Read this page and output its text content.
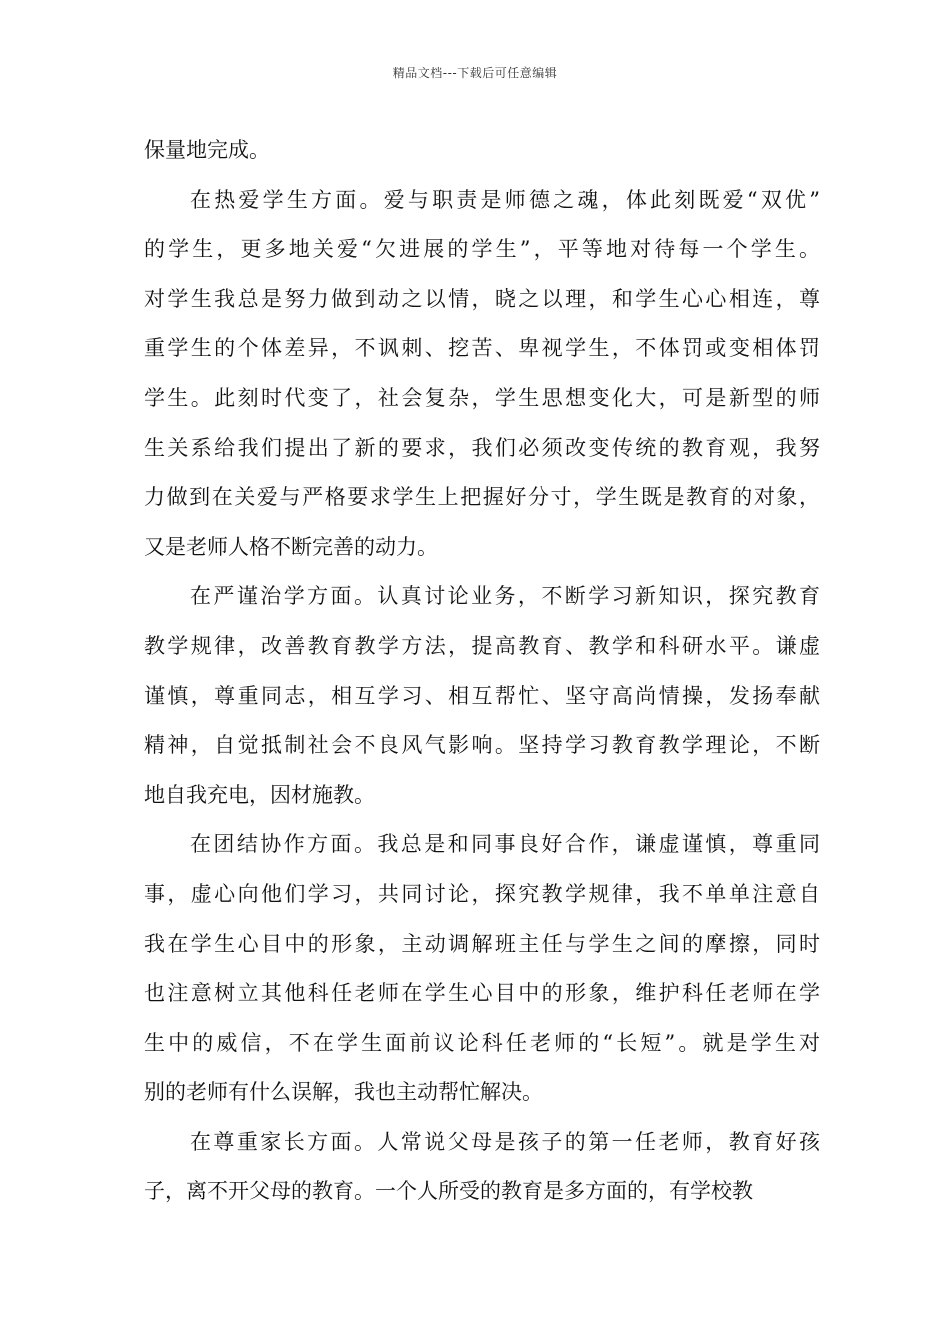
精品文档---下载后可任意编辑
保量地完成。
在热爱学生方面。爱与职责是师德之魂，体此刻既爱“双优”
的学生，更多地关爱“欠进展的学生”，平等地对待每一个学生。
对学生我总是努力做到动之以情，晓之以理，和学生心心相连，尊
重学生的个体差异，不讽刺、挖苦、卑视学生，不体罚或变相体罚
学生。此刻时代变了，社会复杂，学生思想变化大，可是新型的师
生关系给我们提出了新的要求，我们必须改变传统的教育观，我努
力做到在关爱与严格要求学生上把握好分寸，学生既是教育的对象，
又是老师人格不断完善的动力。
在严谨治学方面。认真讨论业务，不断学习新知识，探究教育
教学规律，改善教育教学方法，提高教育、教学和科研水平。谦虚
谨慎，尊重同志，相互学习、相互帮忙、坚守高尚情操，发扬奉献
精神，自觉抵制社会不良风气影响。坚持学习教育教学理论，不断
地自我充电，因材施教。
在团结协作方面。我总是和同事良好合作，谦虚谨慎，尊重同
事，虚心向他们学习，共同讨论，探究教学规律，我不单单注意自
我在学生心目中的形象，主动调解班主任与学生之间的摩擦，同时
也注意树立其他科任老师在学生心目中的形象，维护科任老师在学
生中的威信，不在学生面前议论科任老师的“长短”。就是学生对
别的老师有什么误解，我也主动帮忙解决。
在尊重家长方面。人常说父母是孩子的第一任老师，教育好孩
子，离不开父母的教育。一个人所受的教育是多方面的，有学校教
